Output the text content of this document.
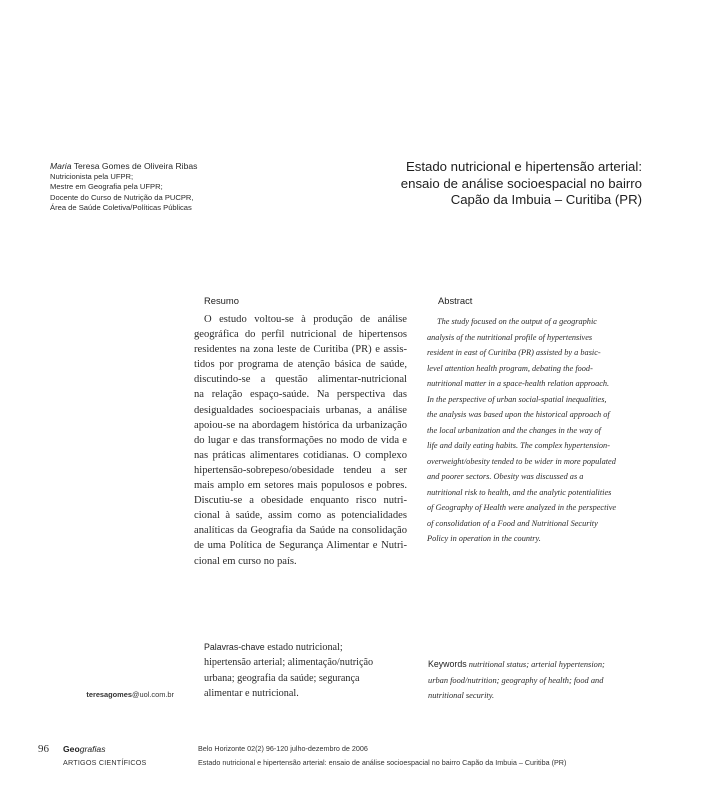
Maria Teresa Gomes de Oliveira Ribas
Nutricionista pela UFPR;
Mestre em Geografia pela UFPR;
Docente do Curso de Nutrição da PUCPR,
Área de Saúde Coletiva/Políticas Públicas
Estado nutricional e hipertensão arterial:
ensaio de análise socioespacial no bairro
Capão da Imbuia – Curitiba (PR)
Resumo	Abstract
O estudo voltou-se à produção de análise
geográfica do perfil nutricional de hipertensos
residentes na zona leste de Curitiba (PR) e assis-
tidos por programa de atenção básica de saúde,
discutindo-se a questão alimentar-nutricional
na relação espaço-saúde. Na perspectiva das
desigualdades socioespaciais urbanas, a análise
apoiou-se na abordagem histórica da urbanização
do lugar e das transformações no modo de vida e
nas práticas alimentares cotidianas. O complexo
hipertensão-sobrepeso/obesidade tendeu a ser
mais amplo em setores mais populosos e pobres.
Discutiu-se a obesidade enquanto risco nutri-
cional à saúde, assim como as potencialidades
analíticas da Geografia da Saúde na consolidação
de uma Política de Segurança Alimentar e Nutri-
cional em curso no país.
The study focused on the output of a geographic
analysis of the nutritional profile of hypertensives
resident in east of Curitiba (PR) assisted by a basic-
level attention health program, debating the food-
nutritional matter in a space-health relation approach.
In the perspective of urban social-spatial inequalities,
the analysis was based upon the historical approach of
the local urbanization and the changes in the way of
life and daily eating habits. The complex hypertension-
overweight/obesity tended to be wider in more populated
and poorer sectors. Obesity was discussed as a
nutritional risk to health, and the analytic potentialities
of Geography of Health were analyzed in the perspective
of consolidation of a Food and Nutritional Security
Policy in operation in the country.
Palavras-chave estado nutricional;
hipertensão arterial; alimentação/nutrição
urbana; geografia da saúde; segurança
alimentar e nutricional.
Keywords nutritional status; arterial hypertension;
urban food/nutrition; geography of health; food and
nutritional security.
teresagomes@uol.com.br
96 Geografias
ARTIGOS CIENTÍFICOS
Belo Horizonte 02(2) 96-120 julho-dezembro de 2006
Estado nutricional e hipertensão arterial: ensaio de análise socioespacial no bairro Capão da Imbuia – Curitiba (PR)
